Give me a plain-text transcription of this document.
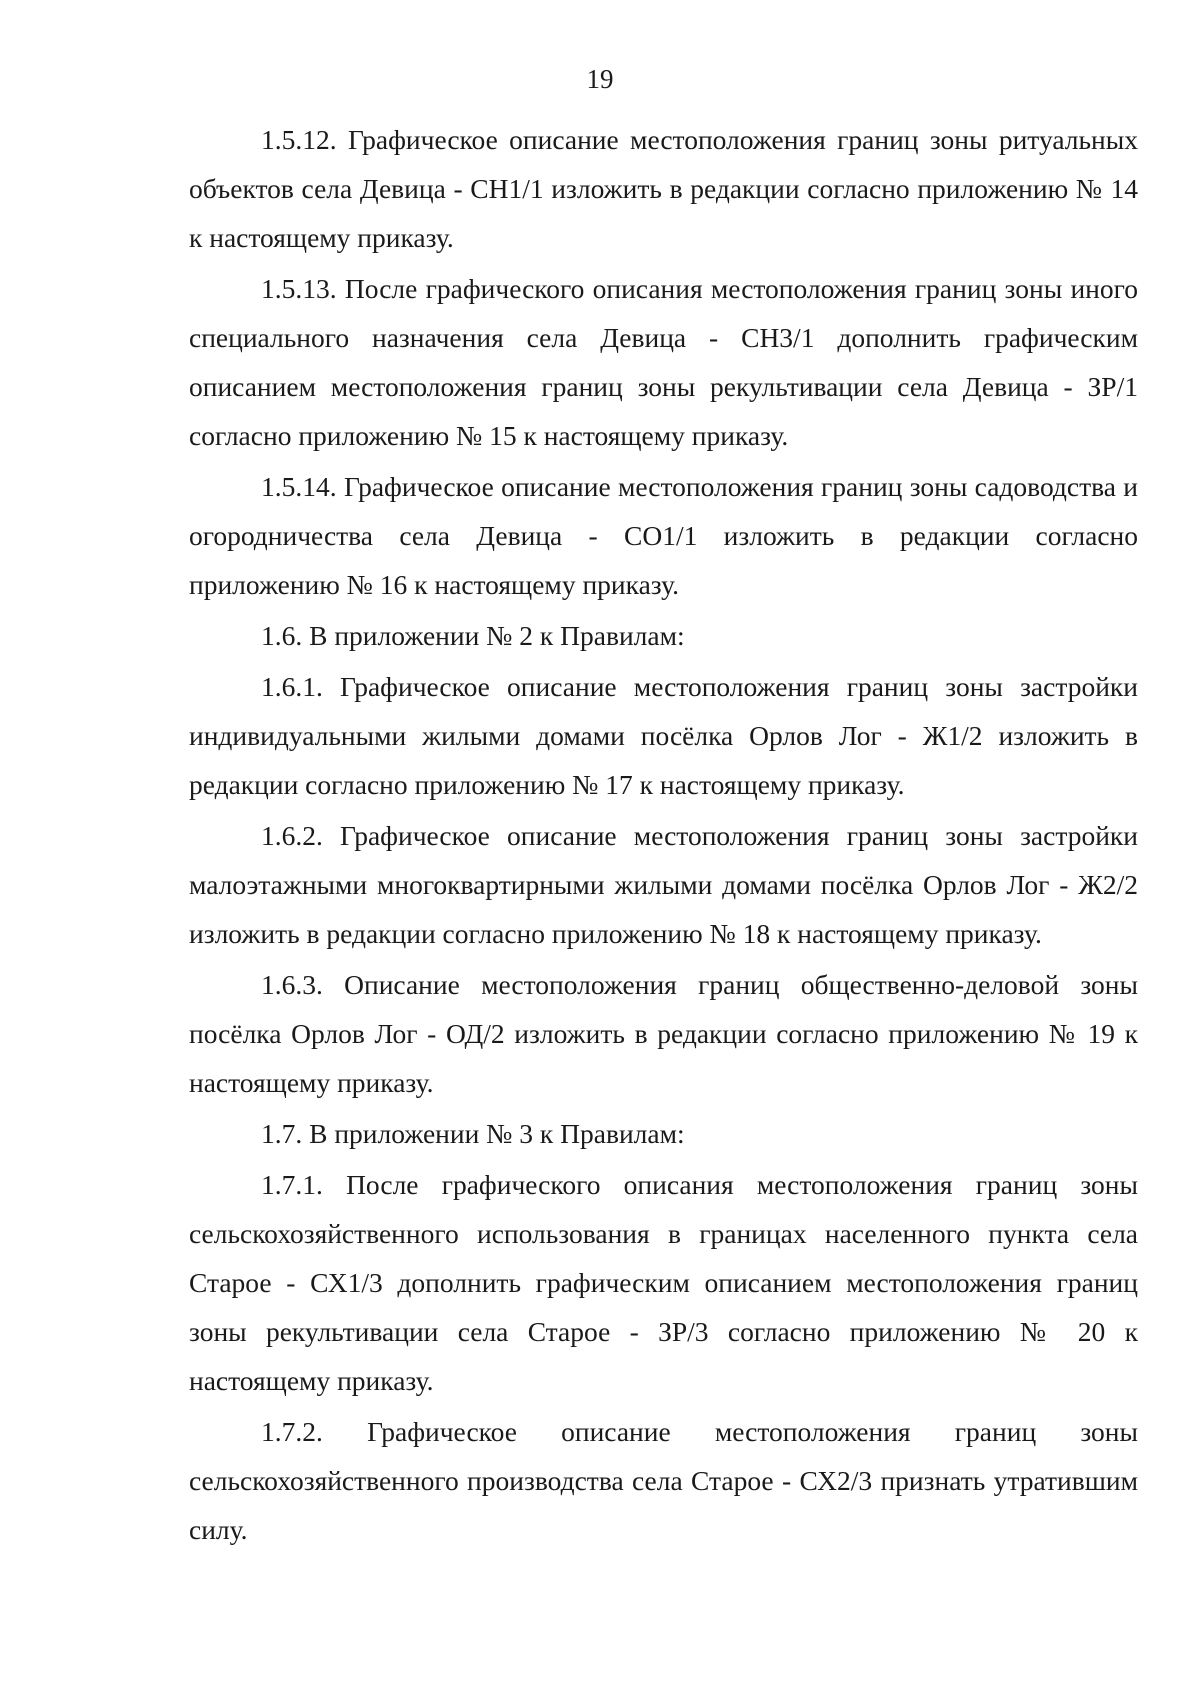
19

1.5.12. Графическое описание местоположения границ зоны ритуальных объектов села Девица - СН1/1 изложить в редакции согласно приложению № 14 к настоящему приказу.

1.5.13. После графического описания местоположения границ зоны иного специального назначения села Девица - СН3/1 дополнить графическим описанием местоположения границ зоны рекультивации села Девица - ЗР/1 согласно приложению № 15 к настоящему приказу.

1.5.14. Графическое описание местоположения границ зоны садоводства и огородничества села Девица - СО1/1 изложить в редакции согласно приложению № 16 к настоящему приказу.

1.6. В приложении № 2 к Правилам:

1.6.1. Графическое описание местоположения границ зоны застройки индивидуальными жилыми домами посёлка Орлов Лог - Ж1/2 изложить в редакции согласно приложению № 17 к настоящему приказу.

1.6.2. Графическое описание местоположения границ зоны застройки малоэтажными многоквартирными жилыми домами посёлка Орлов Лог - Ж2/2 изложить в редакции согласно приложению № 18 к настоящему приказу.

1.6.3. Описание местоположения границ общественно-деловой зоны посёлка Орлов Лог - ОД/2 изложить в редакции согласно приложению № 19 к настоящему приказу.

1.7. В приложении № 3 к Правилам:

1.7.1. После графического описания местоположения границ зоны сельскохозяйственного использования в границах населенного пункта села Старое - СХ1/3 дополнить графическим описанием местоположения границ зоны рекультивации села Старое - ЗР/3 согласно приложению № 20 к настоящему приказу.

1.7.2. Графическое описание местоположения границ зоны сельскохозяйственного производства села Старое - СХ2/3 признать утратившим силу.
